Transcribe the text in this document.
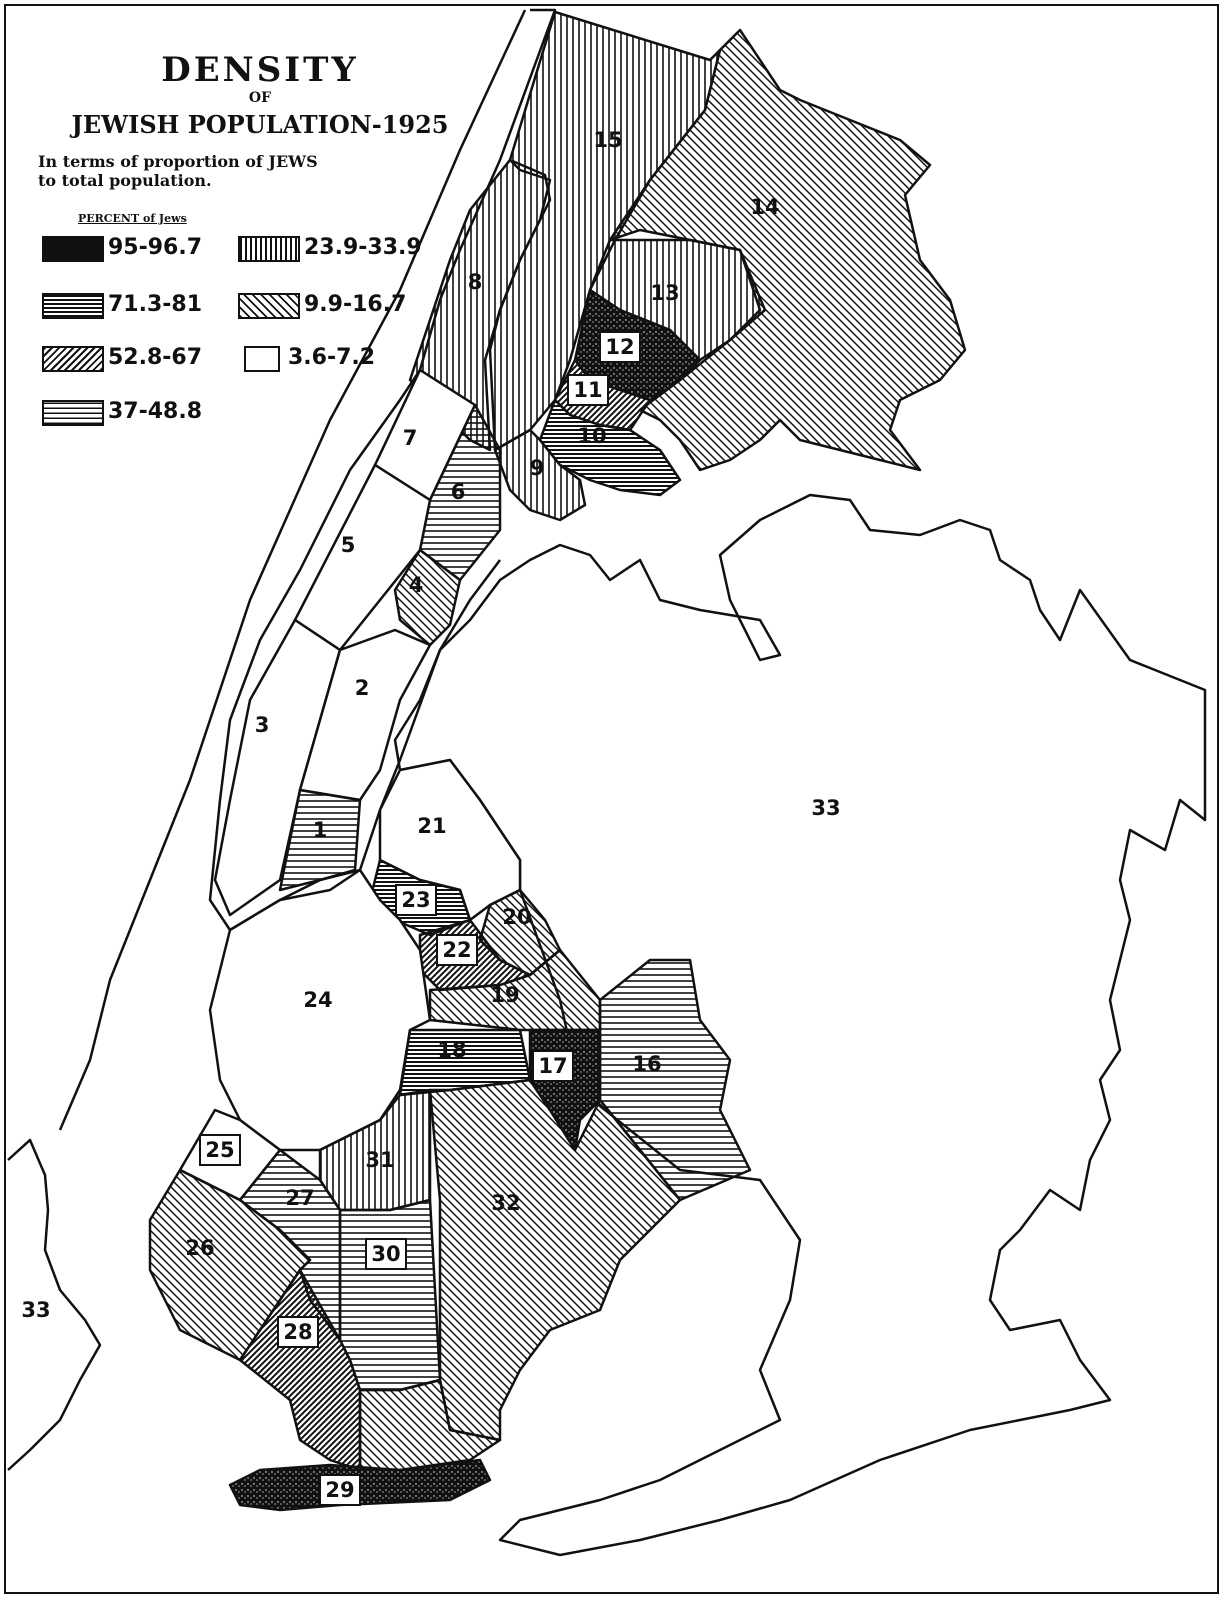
1
2
3
4
5
6
7
8
9
10
11
12
13
14
15
16
17
18
19
20
21
22
23
24
25
26
27
28
29
30
31
32
33
33
DENSITY
OF
JEWISH POPULATION-1925
In terms of proportion of JEWS
to total population.
PERCENT of Jews
95-96.7	23.9-33.9
71.3-81	9.9-16.7
52.8-67	3.6-7.2
37-48.8
